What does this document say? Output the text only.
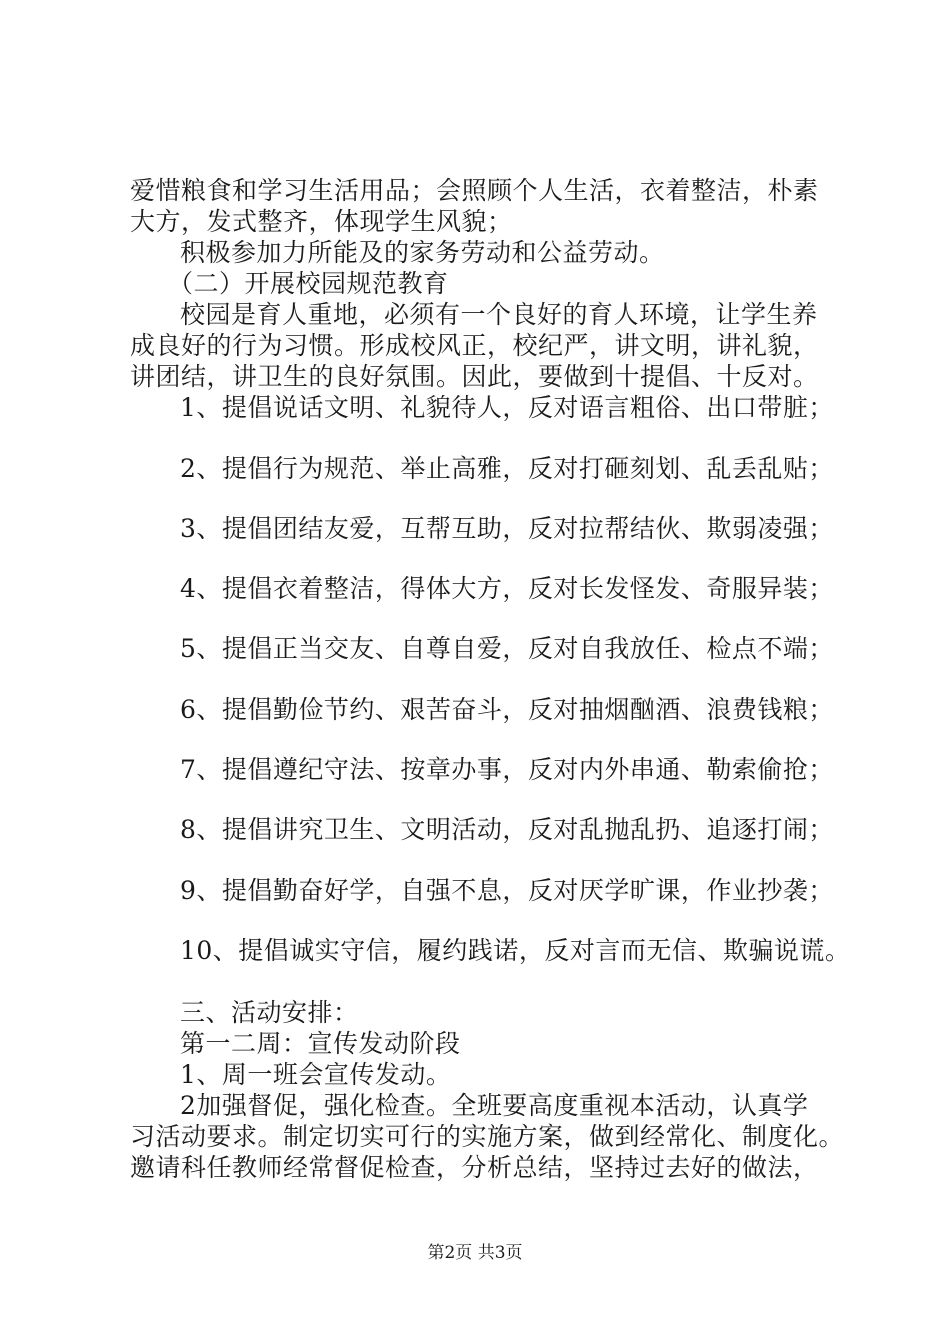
爱惜粮食和学习生活用品；会照顾个人生活，衣着整洁，朴素
大方，发式整齐，体现学生风貌；
积极参加力所能及的家务劳动和公益劳动。
（二）开展校园规范教育
校园是育人重地，必须有一个良好的育人环境，让学生养
成良好的行为习惯。形成校风正，校纪严，讲文明，讲礼貌，
讲团结，讲卫生的良好氛围。因此，要做到十提倡、十反对。
1、提倡说话文明、礼貌待人，反对语言粗俗、出口带脏；
2、提倡行为规范、举止高雅，反对打砸刻划、乱丢乱贴；
3、提倡团结友爱，互帮互助，反对拉帮结伙、欺弱凌强；
4、提倡衣着整洁，得体大方，反对长发怪发、奇服异装；
5、提倡正当交友、自尊自爱，反对自我放任、检点不端；
6、提倡勤俭节约、艰苦奋斗，反对抽烟酗酒、浪费钱粮；
7、提倡遵纪守法、按章办事，反对内外串通、勒索偷抢；
8、提倡讲究卫生、文明活动，反对乱抛乱扔、追逐打闹；
9、提倡勤奋好学，自强不息，反对厌学旷课，作业抄袭；
10、提倡诚实守信，履约践诺，反对言而无信、欺骗说谎。
三、活动安排：
第一二周：宣传发动阶段
1、周一班会宣传发动。
2加强督促，强化检查。全班要高度重视本活动，认真学
习活动要求。制定切实可行的实施方案，做到经常化、制度化。
邀请科任教师经常督促检查，分析总结，坚持过去好的做法，
第2页 共3页
